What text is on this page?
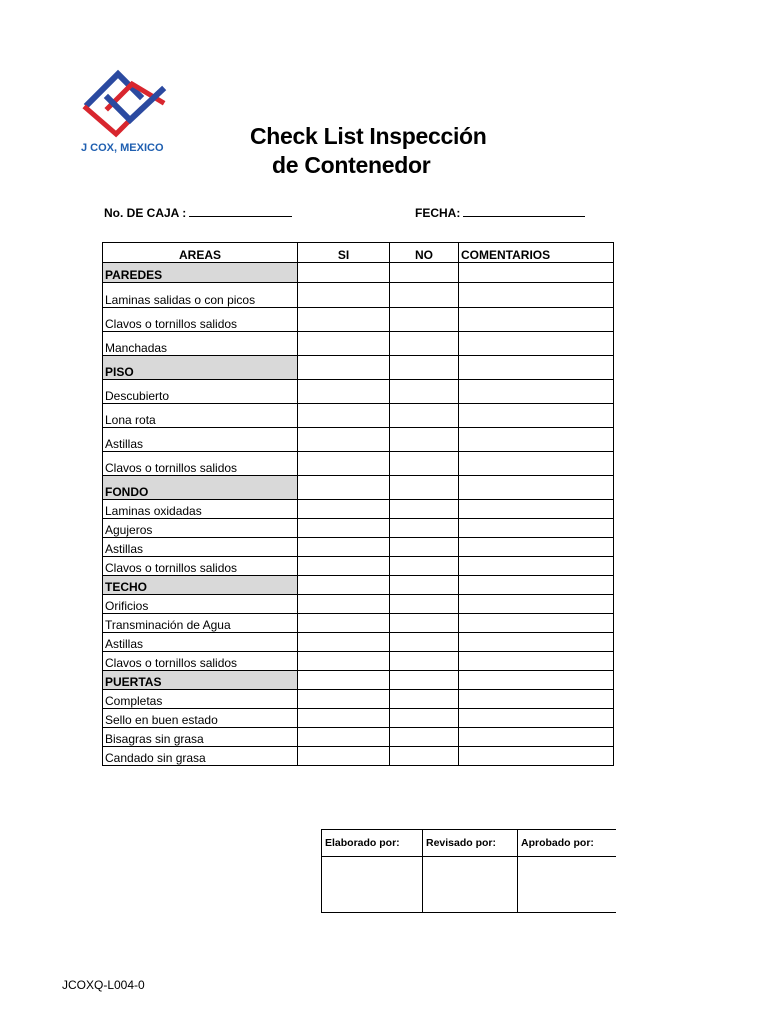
J COX, MEXICO	Check List Inspección
de Contenedor
No. DE CAJA :	FECHA:
AREAS	SI	NO	COMENTARIOS
PAREDES			
Laminas salidas o con picos			
Clavos o tornillos salidos			
Manchadas			
PISO			
Descubierto			
Lona rota			
Astillas			
Clavos o tornillos salidos			
FONDO			
Laminas oxidadas			
Agujeros			
Astillas			
Clavos o tornillos salidos			
TECHO			
Orificios			
Transminación de Agua			
Astillas			
Clavos o tornillos salidos			
PUERTAS			
Completas			
Sello en buen estado			
Bisagras sin grasa			
Candado sin grasa			
Elaborado por:	Revisado por:	Aprobado por:

JCOXQ-L004-0
